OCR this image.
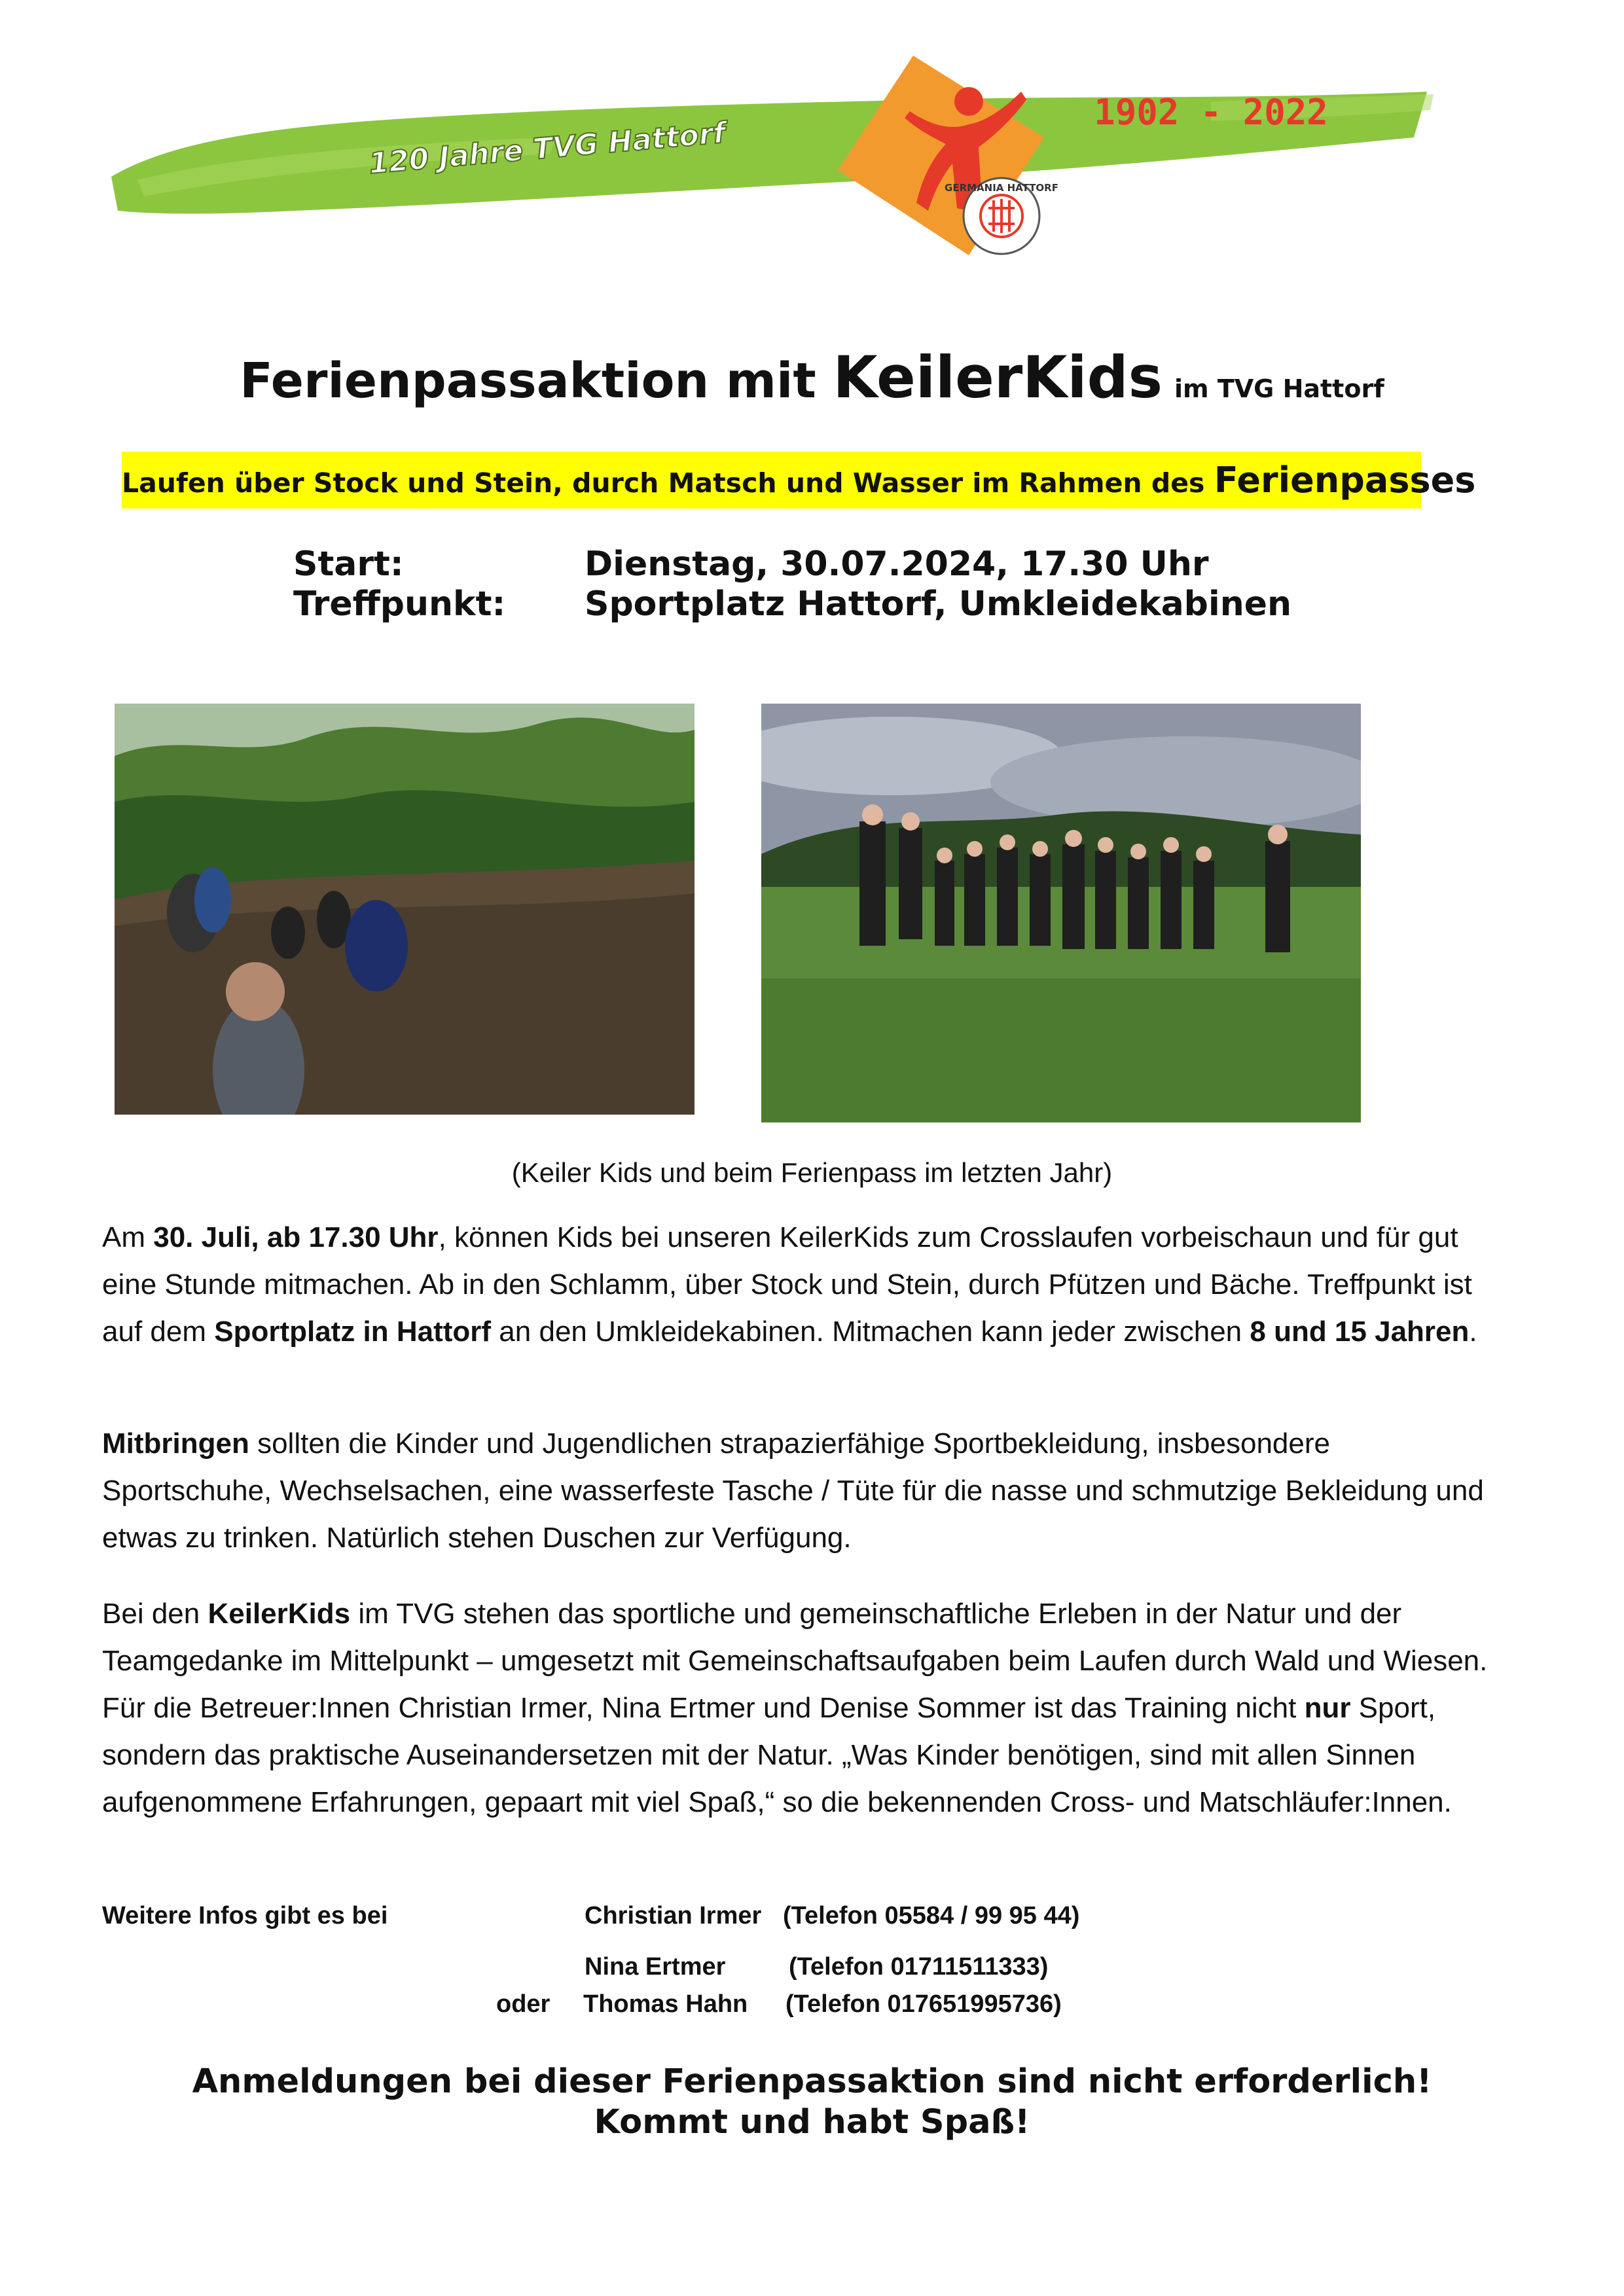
120 Jahre TVG Hattorf
GERMANIA HATTORF
1902 - 2022
Ferienpassaktion mit KeilerKids im TVG Hattorf
Laufen über Stock und Stein, durch Matsch und Wasser im Rahmen des Ferienpasses
Start:	Dienstag, 30.07.2024, 17.30 Uhr
Treffpunkt: Sportplatz Hattorf, Umkleidekabinen
(Keiler Kids und beim Ferienpass im letzten Jahr)
Am 30. Juli, ab 17.30 Uhr, können Kids bei unseren KeilerKids zum Crosslaufen vorbeischaun und für gut eine Stunde mitmachen. Ab in den Schlamm, über Stock und Stein, durch Pfützen und Bäche. Treffpunkt ist auf dem Sportplatz in Hattorf an den Umkleidekabinen. Mitmachen kann jeder zwischen 8 und 15 Jahren.
Mitbringen sollten die Kinder und Jugendlichen strapazierfähige Sportbekleidung, insbesondere Sportschuhe, Wechselsachen, eine wasserfeste Tasche / Tüte für die nasse und schmutzige Bekleidung und etwas zu trinken. Natürlich stehen Duschen zur Verfügung.
Bei den KeilerKids im TVG stehen das sportliche und gemeinschaftliche Erleben in der Natur und der Teamgedanke im Mittelpunkt – umgesetzt mit Gemeinschaftsaufgaben beim Laufen durch Wald und Wiesen. Für die Betreuer:Innen Christian Irmer, Nina Ertmer und Denise Sommer ist das Training nicht nur Sport, sondern das praktische Auseinandersetzen mit der Natur. „Was Kinder benötigen, sind mit allen Sinnen aufgenommene Erfahrungen, gepaart mit viel Spaß,“ so die bekennenden Cross- und Matschläufer:Innen.
Weitere Infos gibt es bei	Christian Irmer (Telefon 05584 / 99 95 44)
Nina Ertmer	(Telefon 01711511333)
oder Thomas Hahn (Telefon 017651995736)
Anmeldungen bei dieser Ferienpassaktion sind nicht erforderlich!
Kommt und habt Spaß!
